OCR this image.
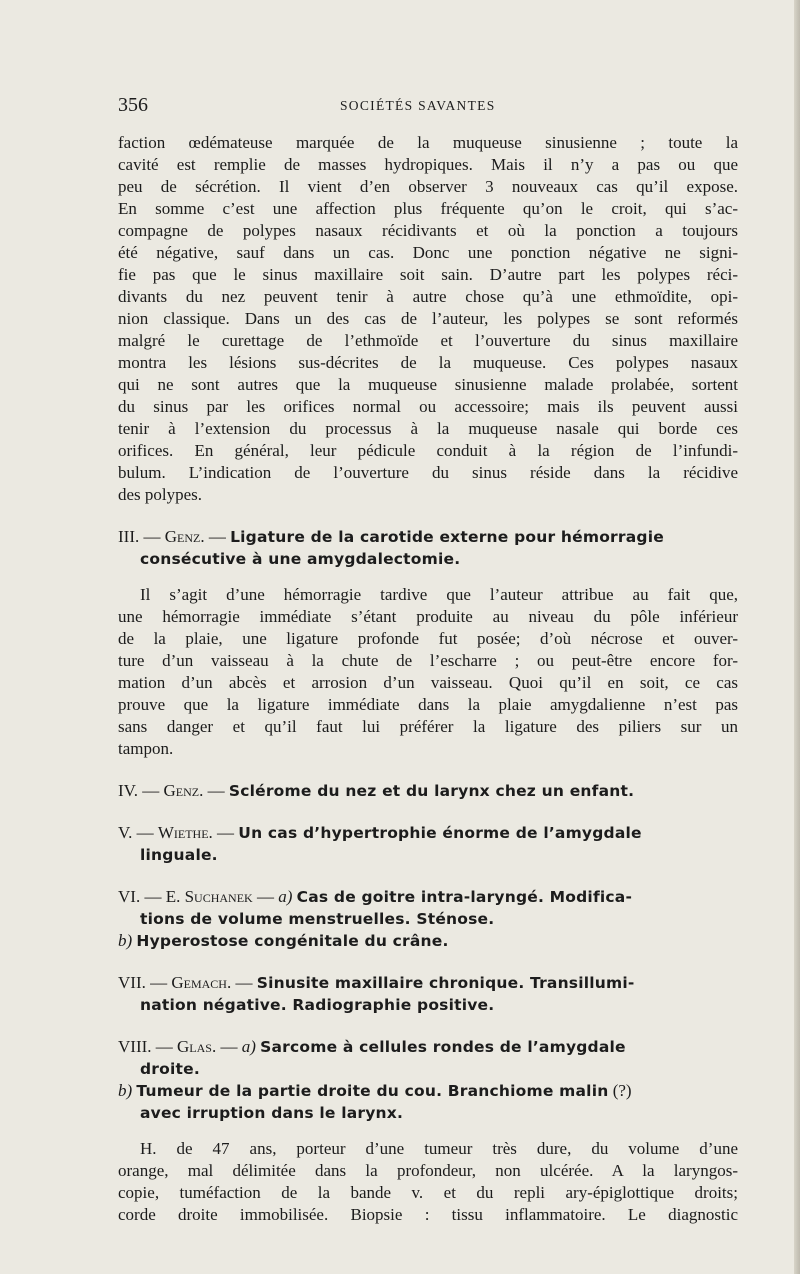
356	SOCIÉTÉS SAVANTES
faction œdémateuse marquée de la muqueuse sinusienne ; toute la
cavité est remplie de masses hydropiques. Mais il n’y a pas ou que
peu de sécrétion. Il vient d’en observer 3 nouveaux cas qu’il expose.
En somme c’est une affection plus fréquente qu’on le croit, qui s’ac-
compagne de polypes nasaux récidivants et où la ponction a toujours
été négative, sauf dans un cas. Donc une ponction négative ne signi-
fie pas que le sinus maxillaire soit sain. D’autre part les polypes réci-
divants du nez peuvent tenir à autre chose qu’à une ethmoïdite, opi-
nion classique. Dans un des cas de l’auteur, les polypes se sont reformés
malgré le curettage de l’ethmoïde et l’ouverture du sinus maxillaire
montra les lésions sus-décrites de la muqueuse. Ces polypes nasaux
qui ne sont autres que la muqueuse sinusienne malade prolabée, sortent
du sinus par les orifices normal ou accessoire; mais ils peuvent aussi
tenir à l’extension du processus à la muqueuse nasale qui borde ces
orifices. En général, leur pédicule conduit à la région de l’infundi-
bulum. L’indication de l’ouverture du sinus réside dans la récidive
des polypes.
III. — Genz. — Ligature de la carotide externe pour hémorragie
consécutive à une amygdalectomie.
Il s’agit d’une hémorragie tardive que l’auteur attribue au fait que,
une hémorragie immédiate s’étant produite au niveau du pôle inférieur
de la plaie, une ligature profonde fut posée; d’où nécrose et ouver-
ture d’un vaisseau à la chute de l’escharre ; ou peut-être encore for-
mation d’un abcès et arrosion d’un vaisseau. Quoi qu’il en soit, ce cas
prouve que la ligature immédiate dans la plaie amygdalienne n’est pas
sans danger et qu’il faut lui préférer la ligature des piliers sur un
tampon.
IV. — Genz. — Sclérome du nez et du larynx chez un enfant.
V. — Wiethe. — Un cas d’hypertrophie énorme de l’amygdale
linguale.
VI. — E. Suchanek — a) Cas de goitre intra-laryngé. Modifica-
tions de volume menstruelles. Sténose.
b) Hyperostose congénitale du crâne.
VII. — Gemach. — Sinusite maxillaire chronique. Transillumi-
nation négative. Radiographie positive.
VIII. — Glas. — a) Sarcome à cellules rondes de l’amygdale
droite.
b) Tumeur de la partie droite du cou. Branchiome malin (?)
avec irruption dans le larynx.
H. de 47 ans, porteur d’une tumeur très dure, du volume d’une
orange, mal délimitée dans la profondeur, non ulcérée. A la laryngos-
copie, tuméfaction de la bande v. et du repli ary-épiglottique droits;
corde droite immobilisée. Biopsie : tissu inflammatoire. Le diagnostic
